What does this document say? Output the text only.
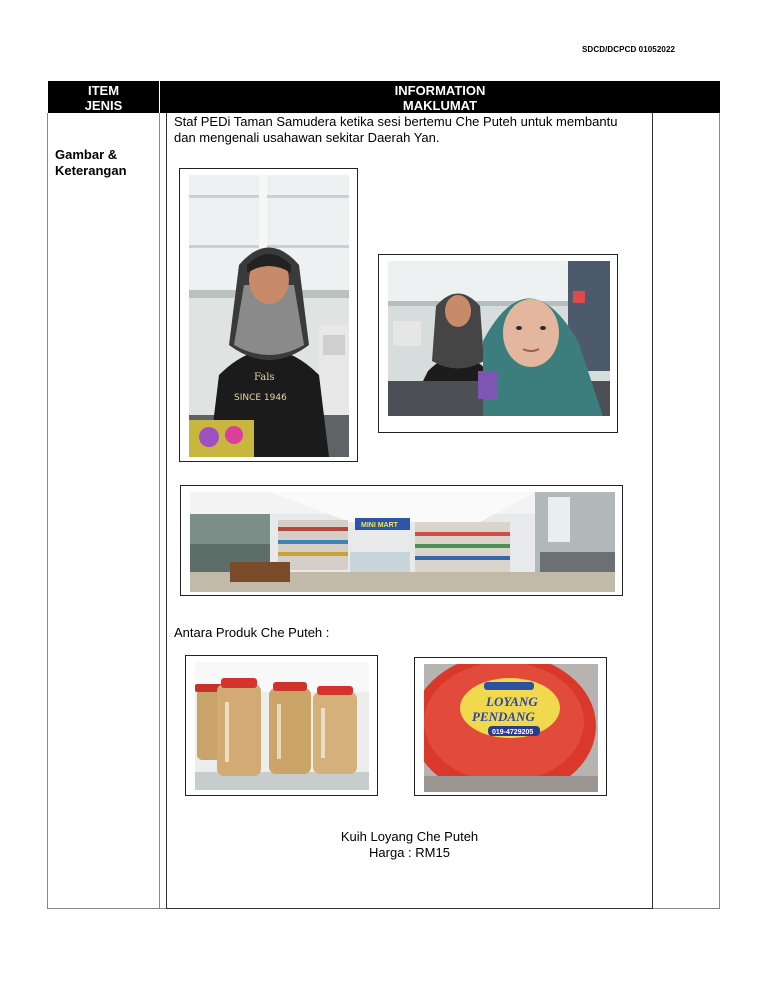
SDCD/DCPCD 01052022
ITEM
JENIS
INFORMATION
MAKLUMAT
Gambar &
Keterangan
Staf PEDi Taman Samudera ketika sesi bertemu Che Puteh untuk membantu dan mengenali usahawan sekitar Daerah Yan.
Fals
SINCE 1946
MINI MART
Antara Produk Che Puteh :
LOYANG
PENDANG
019-4729205
Kuih Loyang Che Puteh
Harga : RM15
